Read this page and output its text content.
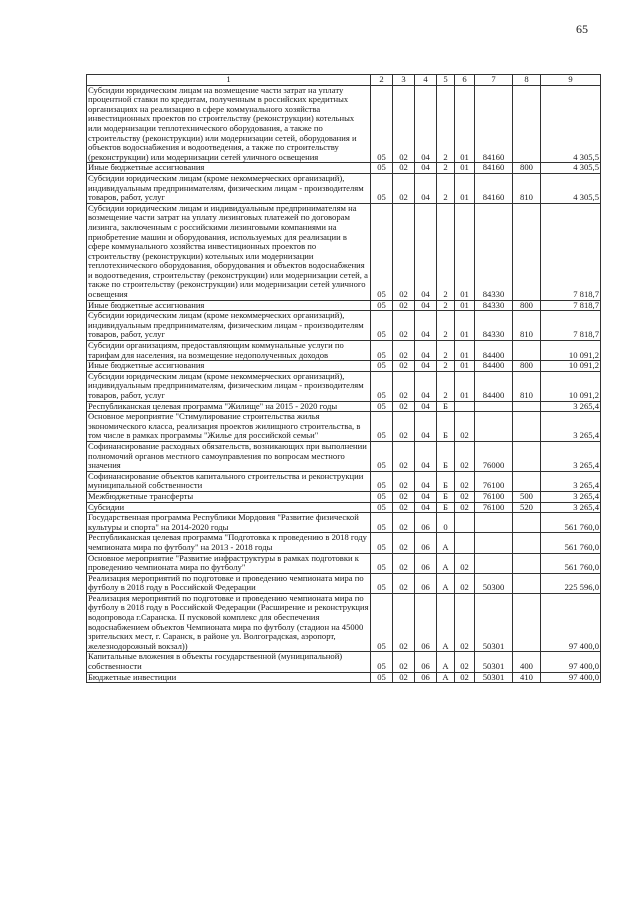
65
1	2	3	4	5	6	7	8	9
Субсидии юридическим лицам на возмещение части затрат на уплату процентной ставки по кредитам, полученным в российских кредитных организациях на реализацию в сфере коммунального хозяйства инвестиционных проектов по строительству (реконструкции) котельных или модернизации теплотехнического оборудования, а также по строительству (реконструкции) или модернизации сетей, оборудования и объектов водоснабжения и водоотведения, а также по строительству (реконструкции) или модернизации сетей уличного освещения	05	02	04	2	01	84160		4 305,5
Иные бюджетные ассигнования	05	02	04	2	01	84160	800	4 305,5
Субсидии юридическим лицам (кроме некоммерческих организаций), индивидуальным предпринимателям, физическим лицам - производителям товаров, работ, услуг	05	02	04	2	01	84160	810	4 305,5
Субсидии юридическим лицам и индивидуальным предпринимателям на возмещение части затрат на уплату лизинговых платежей по договорам лизинга, заключенным с российскими лизинговыми компаниями на приобретение машин и оборудования, используемых для реализации в сфере коммунального хозяйства инвестиционных проектов по строительству (реконструкции) котельных или модернизации теплотехнического оборудования, оборудования и объектов водоснабжения и водоотведения, строительству (реконструкции) или модернизации сетей, а также по строительству (реконструкции) или модернизации сетей уличного освещения	05	02	04	2	01	84330		7 818,7
Иные бюджетные ассигнования	05	02	04	2	01	84330	800	7 818,7
Субсидии юридическим лицам (кроме некоммерческих организаций), индивидуальным предпринимателям, физическим лицам - производителям товаров, работ, услуг	05	02	04	2	01	84330	810	7 818,7
Субсидии организациям, предоставляющим коммунальные услуги по тарифам для населения, на возмещение недополученных доходов	05	02	04	2	01	84400		10 091,2
Иные бюджетные ассигнования	05	02	04	2	01	84400	800	10 091,2
Субсидии юридическим лицам (кроме некоммерческих организаций), индивидуальным предпринимателям, физическим лицам - производителям товаров, работ, услуг	05	02	04	2	01	84400	810	10 091,2
Республиканская целевая программа "Жилище" на 2015 - 2020 годы	05	02	04	Б				3 265,4
Основное мероприятие "Стимулирование строительства жилья экономического класса, реализация проектов жилищного строительства, в том числе в рамках программы "Жилье для российской семьи"	05	02	04	Б	02			3 265,4
Софинансирование расходных обязательств, возникающих при выполнении полномочий органов местного самоуправления по вопросам местного значения	05	02	04	Б	02	76000		3 265,4
Софинансирование объектов капитального строительства и реконструкции муниципальной собственности	05	02	04	Б	02	76100		3 265,4
Межбюджетные трансферты	05	02	04	Б	02	76100	500	3 265,4
Субсидии	05	02	04	Б	02	76100	520	3 265,4
Государственная программа Республики Мордовия "Развитие физической культуры и спорта" на 2014-2020 годы	05	02	06	0				561 760,0
Республиканская целевая программа "Подготовка к проведению в 2018 году чемпионата мира по футболу" на 2013 - 2018 годы	05	02	06	А				561 760,0
Основное мероприятие "Развитие инфраструктуры в рамках подготовки к проведению чемпионата мира по футболу"	05	02	06	А	02			561 760,0
Реализация мероприятий по подготовке и проведению чемпионата мира по футболу в 2018 году в Российской Федерации	05	02	06	А	02	50300		225 596,0
Реализация мероприятий по подготовке и проведению чемпионата мира по футболу в 2018 году в Российской Федерации (Расширение и реконструкция водопровода г.Саранска. II пусковой комплекс для обеспечения водоснабжением объектов Чемпионата мира по футболу (стадион на 45000 зрительских мест, г. Саранск, в районе ул. Волгоградская, аэропорт, железнодорожный вокзал))	05	02	06	А	02	50301		97 400,0
Капитальные вложения в объекты государственной (муниципальной) собственности	05	02	06	А	02	50301	400	97 400,0
Бюджетные инвестиции	05	02	06	А	02	50301	410	97 400,0
